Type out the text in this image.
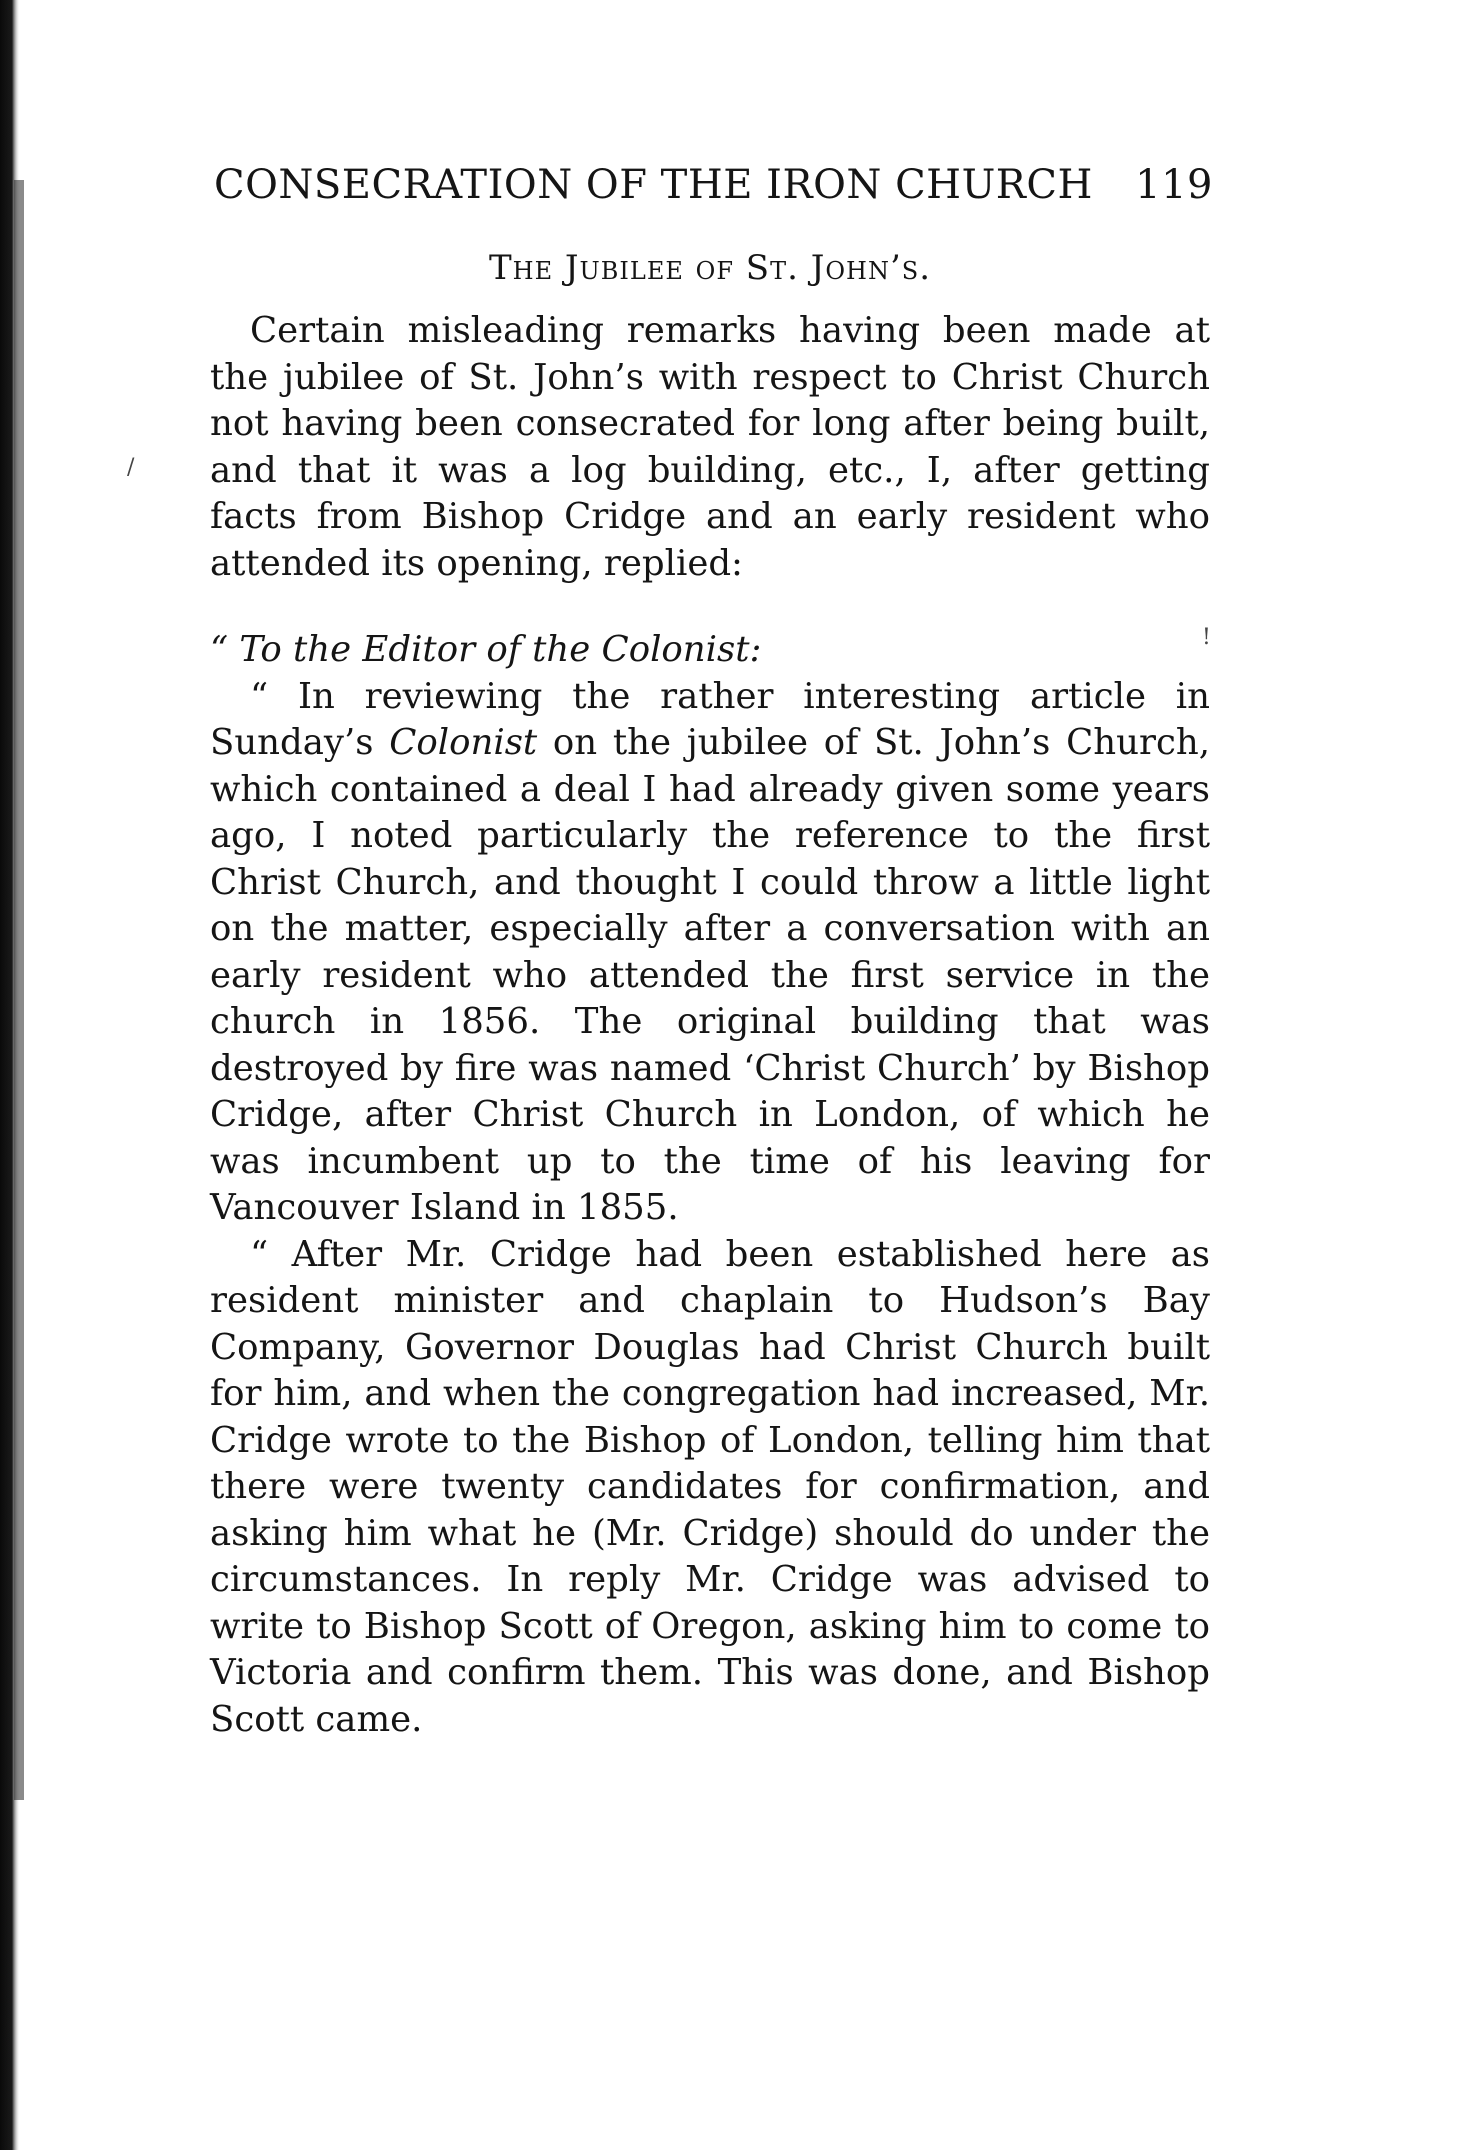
CONSECRATION OF THE IRON CHURCH 119
The Jubilee of St. John’s.

Certain misleading remarks having been made at the jubilee of St. John’s with respect to Christ Church not having been consecrated for long after being built, and that it was a log building, etc., I, after getting facts from Bishop Cridge and an early resident who attended its opening, replied:

“ To the Editor of the Colonist:

“ In reviewing the rather interesting article in Sunday’s Colonist on the jubilee of St. John’s Church, which contained a deal I had already given some years ago, I noted particularly the reference to the first Christ Church, and thought I could throw a little light on the matter, especially after a conversation with an early resident who attended the first service in the church in 1856. The original building that was destroyed by fire was named ‘Christ Church’ by Bishop Cridge, after Christ Church in London, of which he was incumbent up to the time of his leaving for Vancouver Island in 1855.

“ After Mr. Cridge had been established here as resident minister and chaplain to Hudson’s Bay Company, Governor Douglas had Christ Church built for him, and when the congregation had increased, Mr. Cridge wrote to the Bishop of London, telling him that there were twenty candidates for confirmation, and asking him what he (Mr. Cridge) should do under the circumstances. In reply Mr. Cridge was advised to write to Bishop Scott of Oregon, asking him to come to Victoria and confirm them. This was done, and Bishop Scott came.

/
!
